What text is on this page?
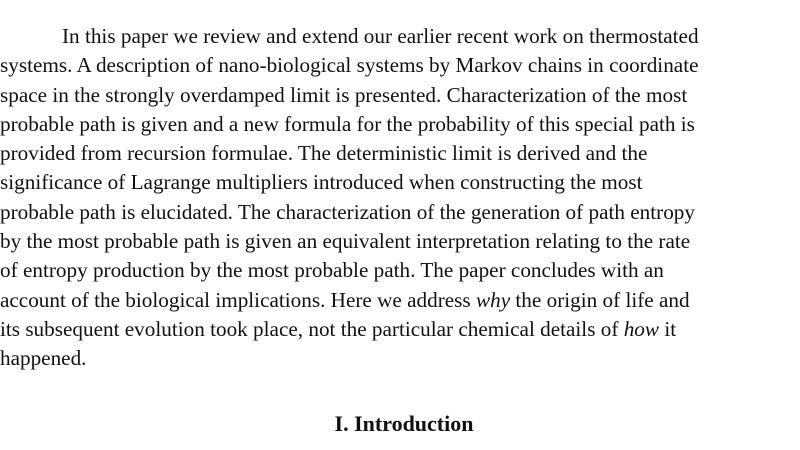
In this paper we review and extend our earlier recent work on thermostated
systems. A description of nano-biological systems by Markov chains in coordinate
space in the strongly overdamped limit is presented. Characterization of the most
probable path is given and a new formula for the probability of this special path is
provided from recursion formulae. The deterministic limit is derived and the
significance of Lagrange multipliers introduced when constructing the most
probable path is elucidated. The characterization of the generation of path entropy
by the most probable path is given an equivalent interpretation relating to the rate
of entropy production by the most probable path. The paper concludes with an
account of the biological implications. Here we address why the origin of life and
its subsequent evolution took place, not the particular chemical details of how it
happened.

I. Introduction
